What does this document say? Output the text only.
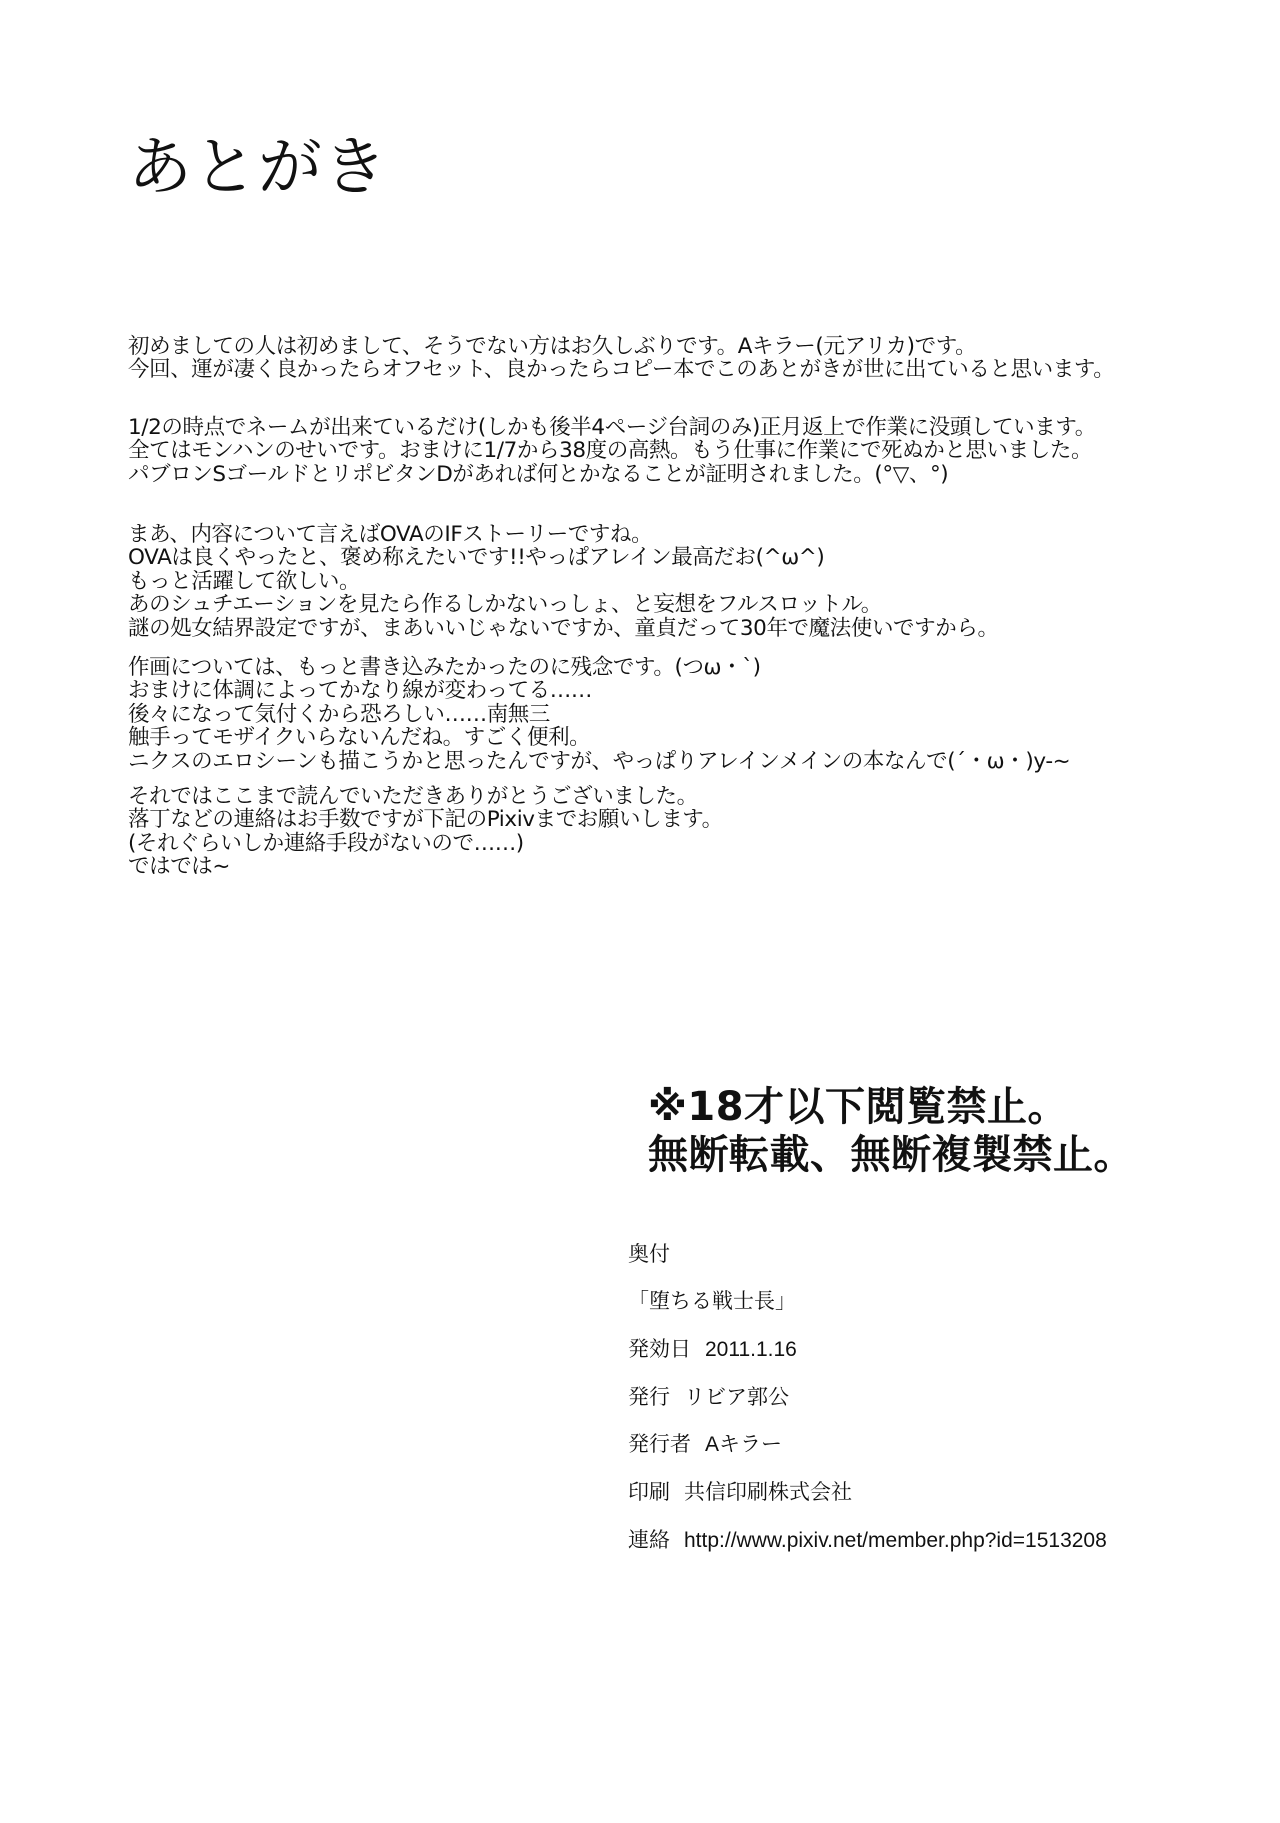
あとがき
初めましての人は初めまして、そうでない方はお久しぶりです。Aキラー(元アリカ)です。
今回、運が凄く良かったらオフセット、良かったらコピー本でこのあとがきが世に出ていると思います。
1/2の時点でネームが出来ているだけ(しかも後半4ページ台詞のみ)正月返上で作業に没頭しています。
全てはモンハンのせいです。おまけに1/7から38度の高熱。もう仕事に作業にで死ぬかと思いました。
パブロンSゴールドとリポビタンDがあれば何とかなることが証明されました。(°▽、°)
まあ、内容について言えばOVAのIFストーリーですね。
OVAは良くやったと、褒め称えたいです!!やっぱアレイン最高だお(^ω^)
もっと活躍して欲しい。
あのシュチエーションを見たら作るしかないっしょ、と妄想をフルスロットル。
謎の処女結界設定ですが、まあいいじゃないですか、童貞だって30年で魔法使いですから。
作画については、もっと書き込みたかったのに残念です。(つω・`)
おまけに体調によってかなり線が変わってる……
後々になって気付くから恐ろしい……南無三
触手ってモザイクいらないんだね。すごく便利。
ニクスのエロシーンも描こうかと思ったんですが、やっぱりアレインメインの本なんで(´・ω・)y-~
それではここまで読んでいただきありがとうございました。
落丁などの連絡はお手数ですが下記のPixivまでお願いします。
(それぐらいしか連絡手段がないので……)
ではでは~
※18才以下閲覧禁止。
無断転載、無断複製禁止。
奥付
「堕ちる戦士長」
発効日 2011.1.16
発行 リビア郭公
発行者 Aキラー
印刷 共信印刷株式会社
連絡 http://www.pixiv.net/member.php?id=1513208
